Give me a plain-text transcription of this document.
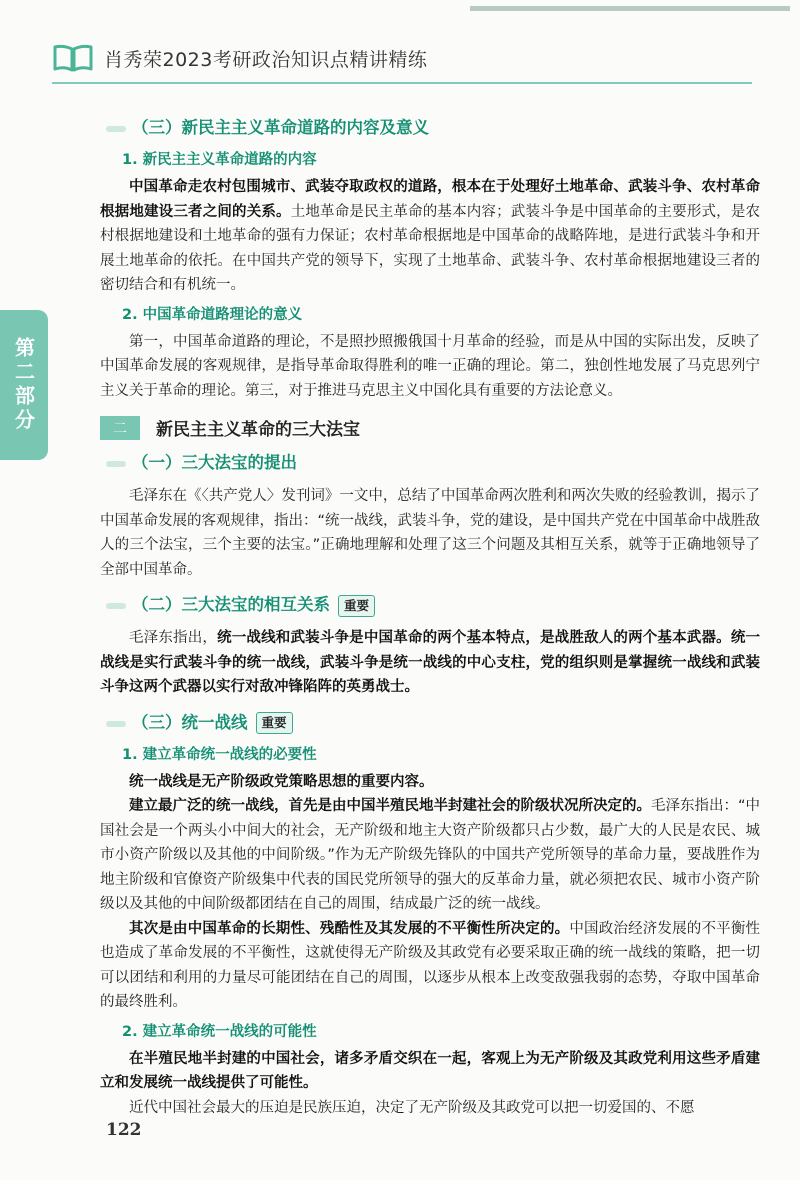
肖秀荣2023考研政治知识点精讲精练
第二部分
（三）新民主主义革命道路的内容及意义
1. 新民主主义革命道路的内容

中国革命走农村包围城市、武装夺取政权的道路，根本在于处理好土地革命、武装斗争、农村革命根据地建设三者之间的关系。土地革命是民主革命的基本内容；武装斗争是中国革命的主要形式，是农村根据地建设和土地革命的强有力保证；农村革命根据地是中国革命的战略阵地，是进行武装斗争和开展土地革命的依托。在中国共产党的领导下，实现了土地革命、武装斗争、农村革命根据地建设三者的密切结合和有机统一。

2. 中国革命道路理论的意义

第一，中国革命道路的理论，不是照抄照搬俄国十月革命的经验，而是从中国的实际出发，反映了中国革命发展的客观规律，是指导革命取得胜利的唯一正确的理论。第二，独创性地发展了马克思列宁主义关于革命的理论。第三，对于推进马克思主义中国化具有重要的方法论意义。

二	新民主主义革命的三大法宝
（一）三大法宝的提出

毛泽东在《〈共产党人〉发刊词》一文中，总结了中国革命两次胜利和两次失败的经验教训，揭示了中国革命发展的客观规律，指出：“统一战线，武装斗争，党的建设，是中国共产党在中国革命中战胜敌人的三个法宝，三个主要的法宝。”正确地理解和处理了这三个问题及其相互关系，就等于正确地领导了全部中国革命。

（二）三大法宝的相互关系 重要

毛泽东指出，统一战线和武装斗争是中国革命的两个基本特点，是战胜敌人的两个基本武器。统一战线是实行武装斗争的统一战线，武装斗争是统一战线的中心支柱，党的组织则是掌握统一战线和武装斗争这两个武器以实行对敌冲锋陷阵的英勇战士。

（三）统一战线 重要
1. 建立革命统一战线的必要性

统一战线是无产阶级政党策略思想的重要内容。

建立最广泛的统一战线，首先是由中国半殖民地半封建社会的阶级状况所决定的。毛泽东指出：“中国社会是一个两头小中间大的社会，无产阶级和地主大资产阶级都只占少数，最广大的人民是农民、城市小资产阶级以及其他的中间阶级。”作为无产阶级先锋队的中国共产党所领导的革命力量，要战胜作为地主阶级和官僚资产阶级集中代表的国民党所领导的强大的反革命力量，就必须把农民、城市小资产阶级以及其他的中间阶级都团结在自己的周围，结成最广泛的统一战线。

其次是由中国革命的长期性、残酷性及其发展的不平衡性所决定的。中国政治经济发展的不平衡性也造成了革命发展的不平衡性，这就使得无产阶级及其政党有必要采取正确的统一战线的策略，把一切可以团结和利用的力量尽可能团结在自己的周围，以逐步从根本上改变敌强我弱的态势，夺取中国革命的最终胜利。

2. 建立革命统一战线的可能性

在半殖民地半封建的中国社会，诸多矛盾交织在一起，客观上为无产阶级及其政党利用这些矛盾建立和发展统一战线提供了可能性。

近代中国社会最大的压迫是民族压迫，决定了无产阶级及其政党可以把一切爱国的、不愿

122
